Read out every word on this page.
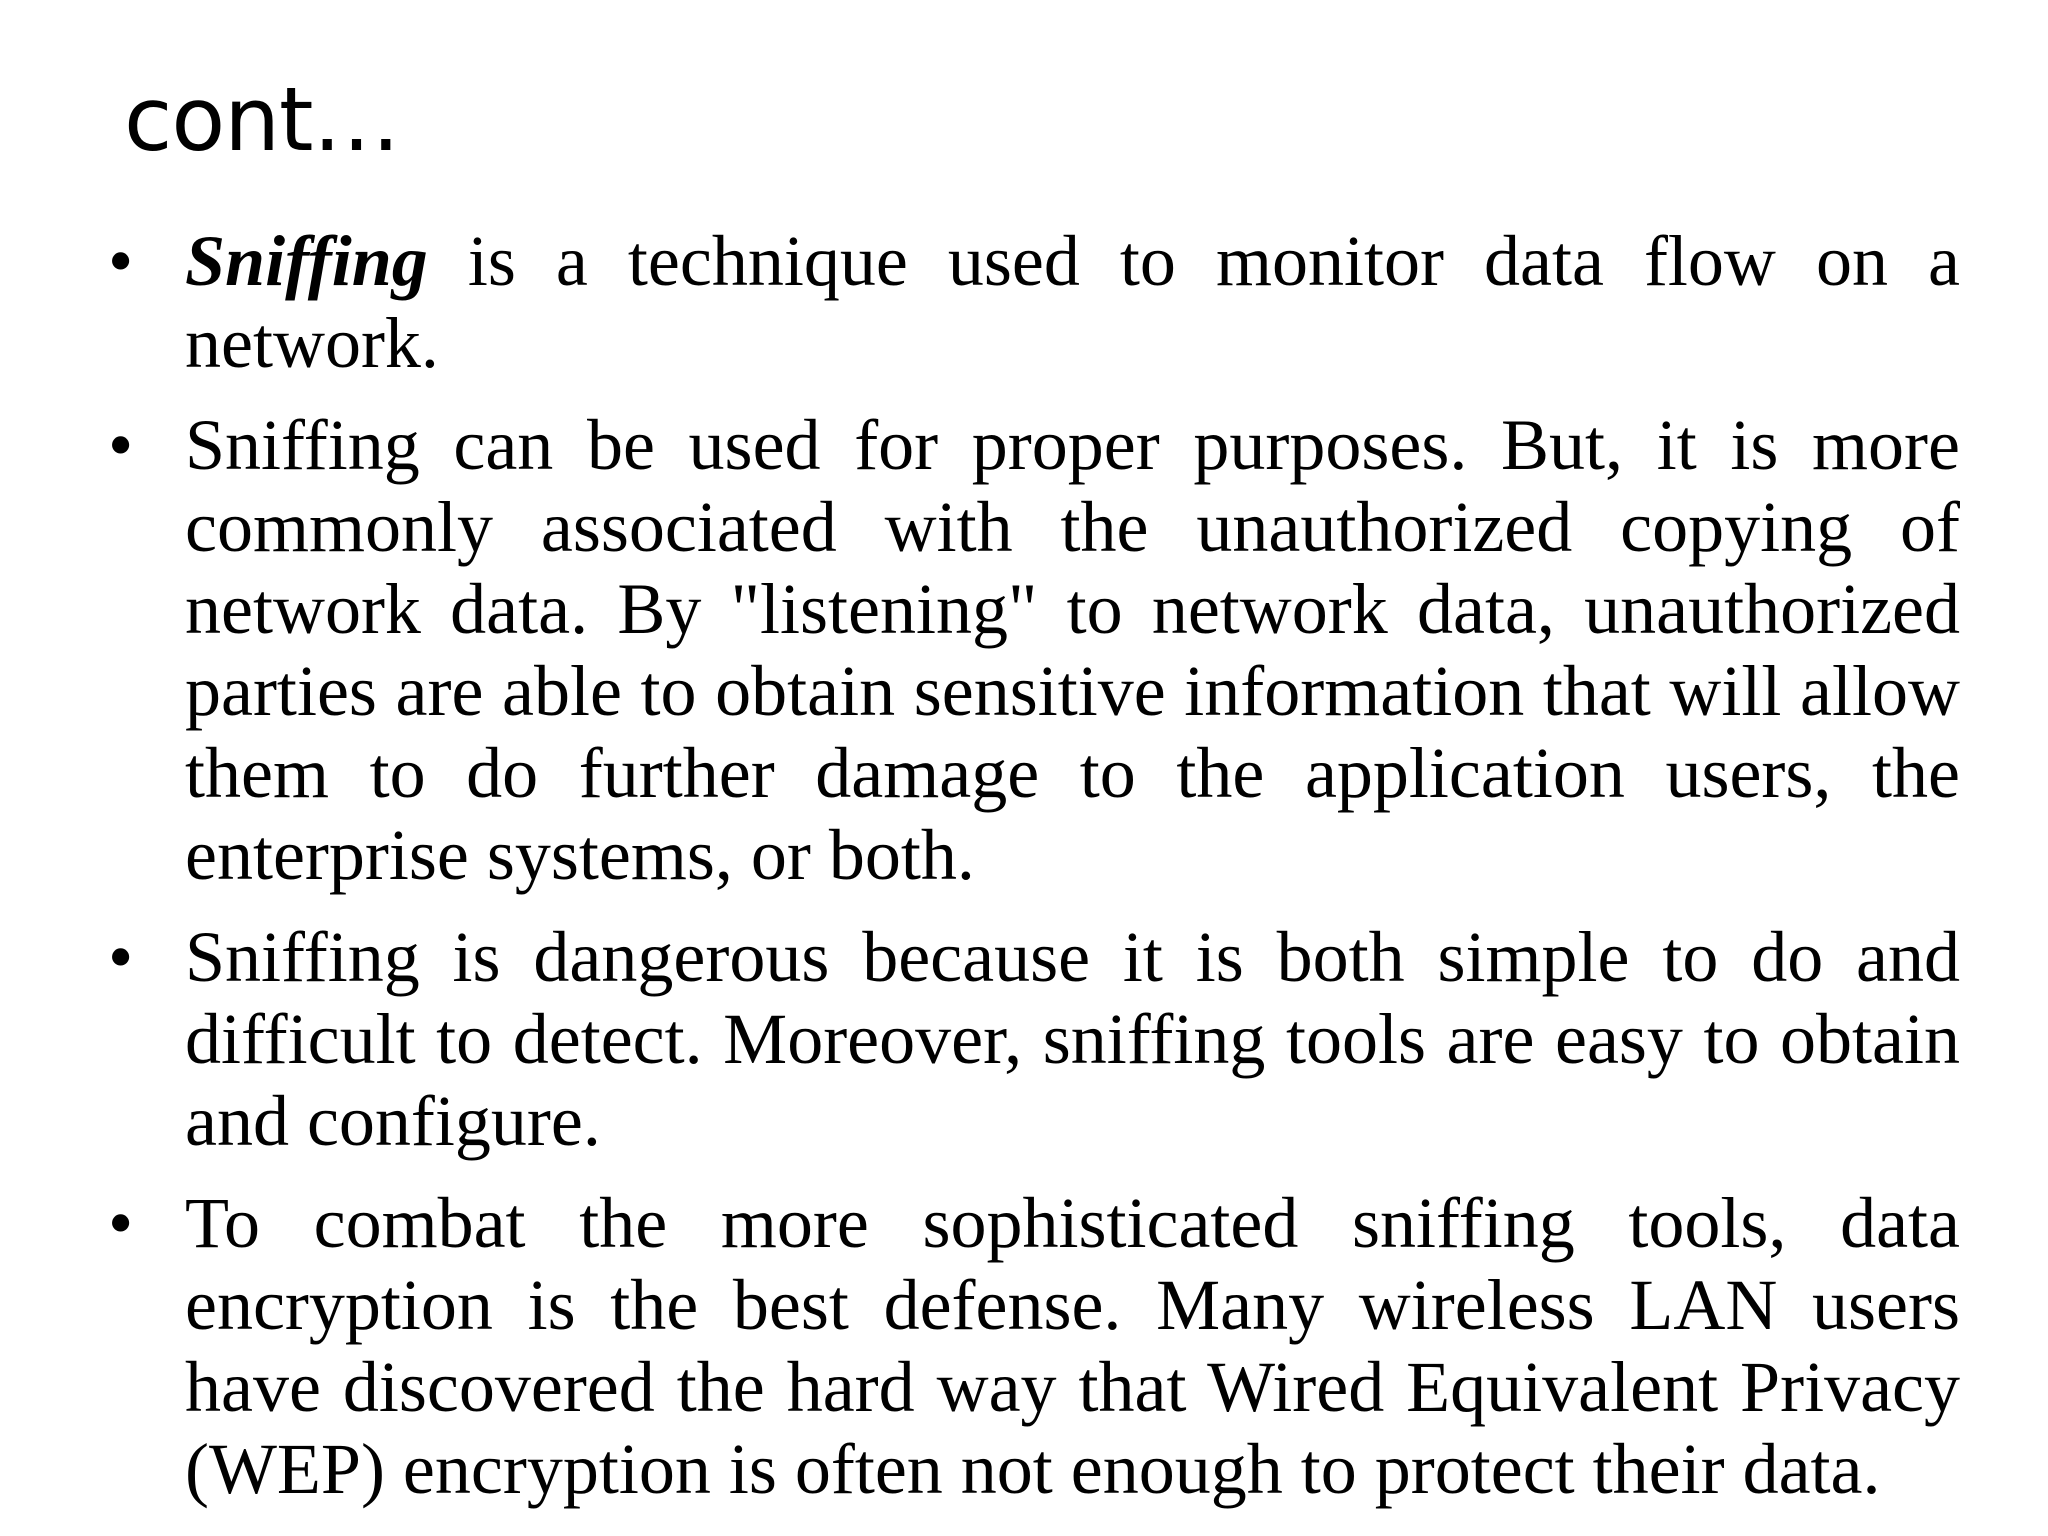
cont…
• Sniffing is a technique used to monitor data flow on a network.
• Sniffing can be used for proper purposes. But, it is more commonly associated with the unauthorized copying of network data. By "listening" to network data, unauthorized parties are able to obtain sensitive information that will allow them to do further damage to the application users, the enterprise systems, or both.
• Sniffing is dangerous because it is both simple to do and difficult to detect. Moreover, sniffing tools are easy to obtain and configure.
• To combat the more sophisticated sniffing tools, data encryption is the best defense. Many wireless LAN users have discovered the hard way that Wired Equivalent Privacy (WEP) encryption is often not enough to protect their data.
